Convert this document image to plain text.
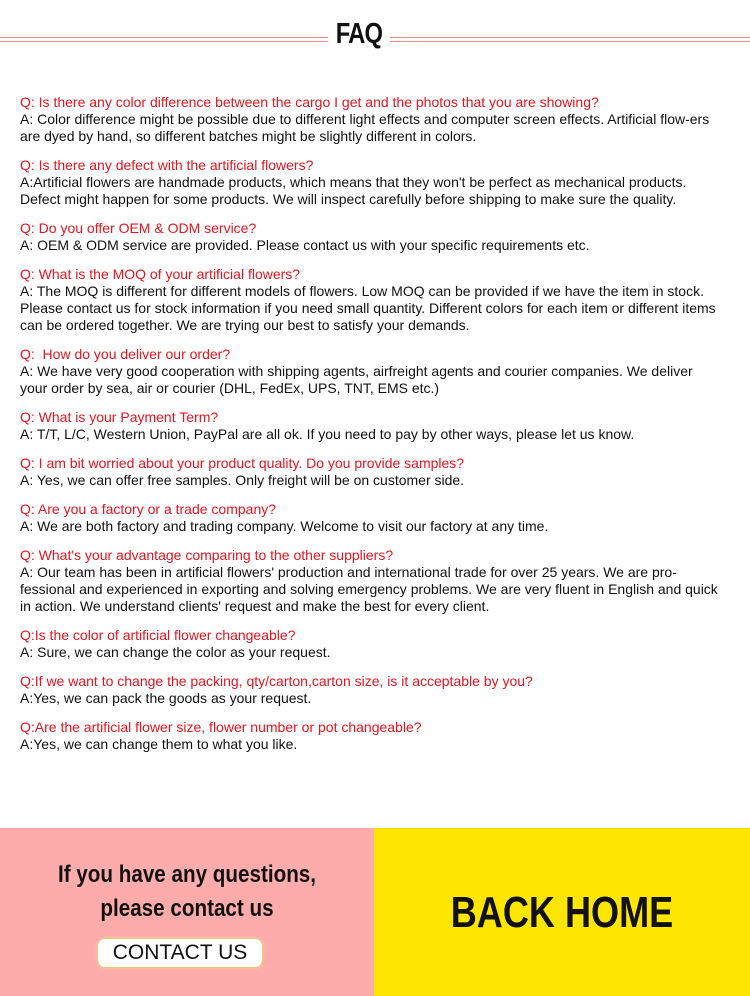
FAQ
Q: Is there any color difference between the cargo I get and the photos that you are showing?
A: Color difference might be possible due to different light effects and computer screen effects. Artificial flow-ers are dyed by hand, so different batches might be slightly different in colors.
Q: Is there any defect with the artificial flowers?
A:Artificial flowers are handmade products, which means that they won't be perfect as mechanical products. Defect might happen for some products. We will inspect carefully before shipping to make sure the quality.
Q: Do you offer OEM & ODM service?
A: OEM & ODM service are provided. Please contact us with your specific requirements etc.
Q: What is the MOQ of your artificial flowers?
A: The MOQ is different for different models of flowers. Low MOQ can be provided if we have the item in stock. Please contact us for stock information if you need small quantity. Different colors for each item or different items can be ordered together. We are trying our best to satisfy your demands.
Q:  How do you deliver our order?
A: We have very good cooperation with shipping agents, airfreight agents and courier companies. We deliver your order by sea, air or courier (DHL, FedEx, UPS, TNT, EMS etc.)
Q: What is your Payment Term?
A: T/T, L/C, Western Union, PayPal are all ok. If you need to pay by other ways, please let us know.
Q: I am bit worried about your product quality. Do you provide samples?
A: Yes, we can offer free samples. Only freight will be on customer side.
Q: Are you a factory or a trade company?
A: We are both factory and trading company. Welcome to visit our factory at any time.
Q: What's your advantage comparing to the other suppliers?
A: Our team has been in artificial flowers' production and international trade for over 25 years. We are pro-fessional and experienced in exporting and solving emergency problems. We are very fluent in English and quick in action. We understand clients' request and make the best for every client.
Q:Is the color of artificial flower changeable?
A: Sure, we can change the color as your request.
Q:If we want to change the packing, qty/carton,carton size, is it acceptable by you?
A:Yes, we can pack the goods as your request.
Q:Are the artificial flower size, flower number or pot changeable?
A:Yes, we can change them to what you like.
If you have any questions,
please contact us
CONTACT US
BACK HOME
